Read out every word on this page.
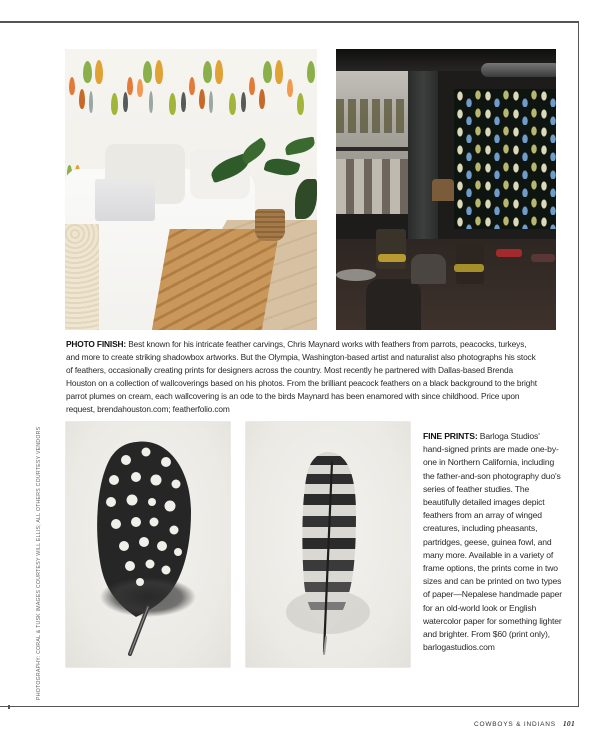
PHOTO FINISH: Best known for his intricate feather carvings, Chris Maynard works with feathers from parrots, peacocks, turkeys, and more to create striking shadowbox artworks. But the Olympia, Washington-based artist and naturalist also photographs his stock of feathers, occasionally creating prints for designers across the country. Most recently he partnered with Dallas-based Brenda Houston on a collection of wallcoverings based on his photos. From the brilliant peacock feathers on a black background to the bright parrot plumes on cream, each wallcovering is an ode to the birds Maynard has been enamored with since childhood. Price upon request, brendahouston.com; featherfolio.com

PHOTOGRAPHY: CORAL & TUSK IMAGES COURTESY WILL ELLIS; ALL OTHERS COURTESY VENDORS	FINE PRINTS: Barloga Studios' hand-signed prints are made one-by-one in Northern California, including the father-and-son photography duo's series of feather studies. The beautifully detailed images depict feathers from an array of winged creatures, including pheasants, partridges, geese, guinea fowl, and many more. Available in a variety of frame options, the prints come in two sizes and can be printed on two types of paper—Nepalese handmade paper for an old-world look or English watercolor paper for something lighter and brighter. From $60 (print only), barlogastudios.com

COWBOYS & INDIANS 101
